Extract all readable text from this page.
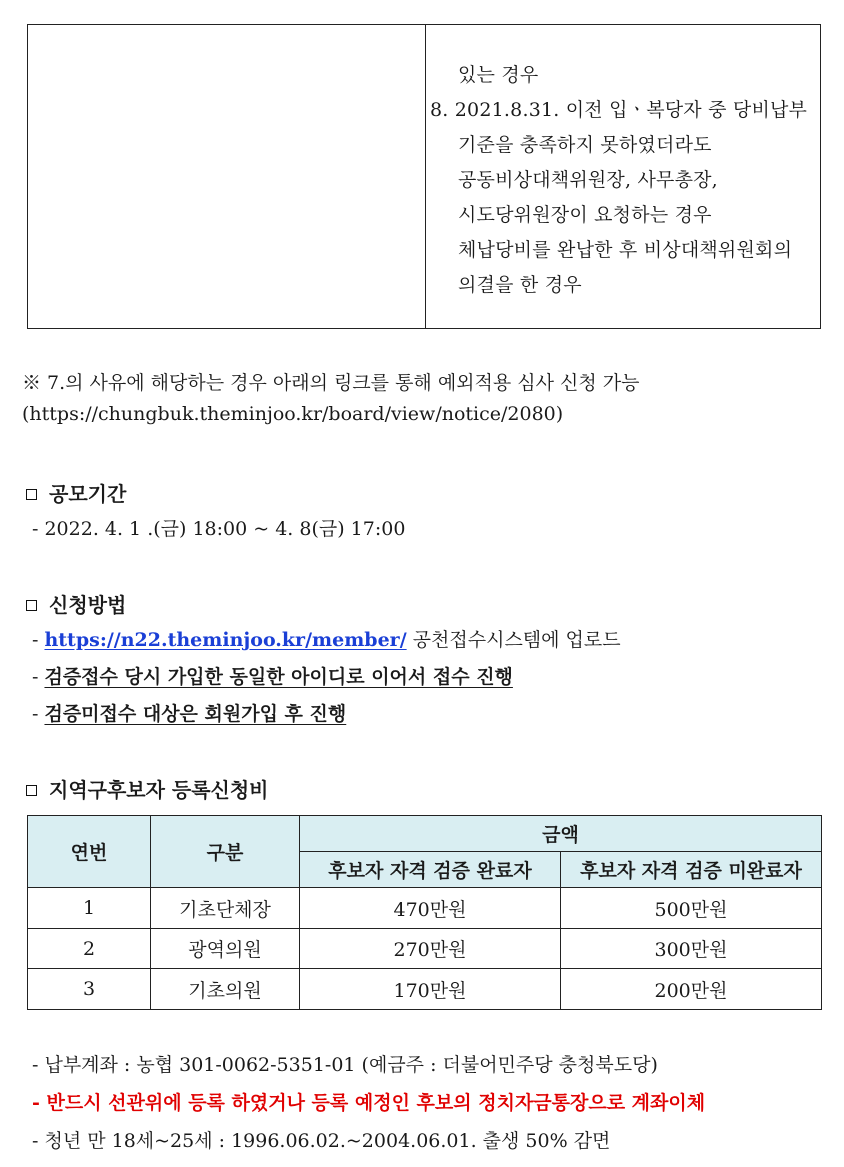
있는 경우
8. 2021.8.31. 이전 입ㆍ복당자 중 당비납부
기준을 충족하지 못하였더라도
공동비상대책위원장, 사무총장,
시도당위원장이 요청하는 경우
체납당비를 완납한 후 비상대책위원회의
의결을 한 경우
※ 7.의 사유에 해당하는 경우 아래의 링크를 통해 예외적용 심사 신청 가능
(https://chungbuk.theminjoo.kr/board/view/notice/2080)
공모기간
- 2022. 4. 1 .(금) 18:00 ~ 4. 8(금) 17:00
신청방법
- https://n22.theminjoo.kr/member/ 공천접수시스템에 업로드
- 검증접수 당시 가입한 동일한 아이디로 이어서 접수 진행
- 검증미접수 대상은 회원가입 후 진행
지역구후보자 등록신청비
연번	구분	금액	
		후보자 자격 검증 완료자	후보자 자격 검증 미완료자
1	기초단체장	470만원	500만원
2	광역의원	270만원	300만원
3	기초의원	170만원	200만원
- 납부계좌 : 농협 301-0062-5351-01 (예금주 : 더불어민주당 충청북도당)
- 반드시 선관위에 등록 하였거나 등록 예정인 후보의 정치자금통장으로 계좌이체
- 청년 만 18세~25세 : 1996.06.02.~2004.06.01. 출생 50% 감면
